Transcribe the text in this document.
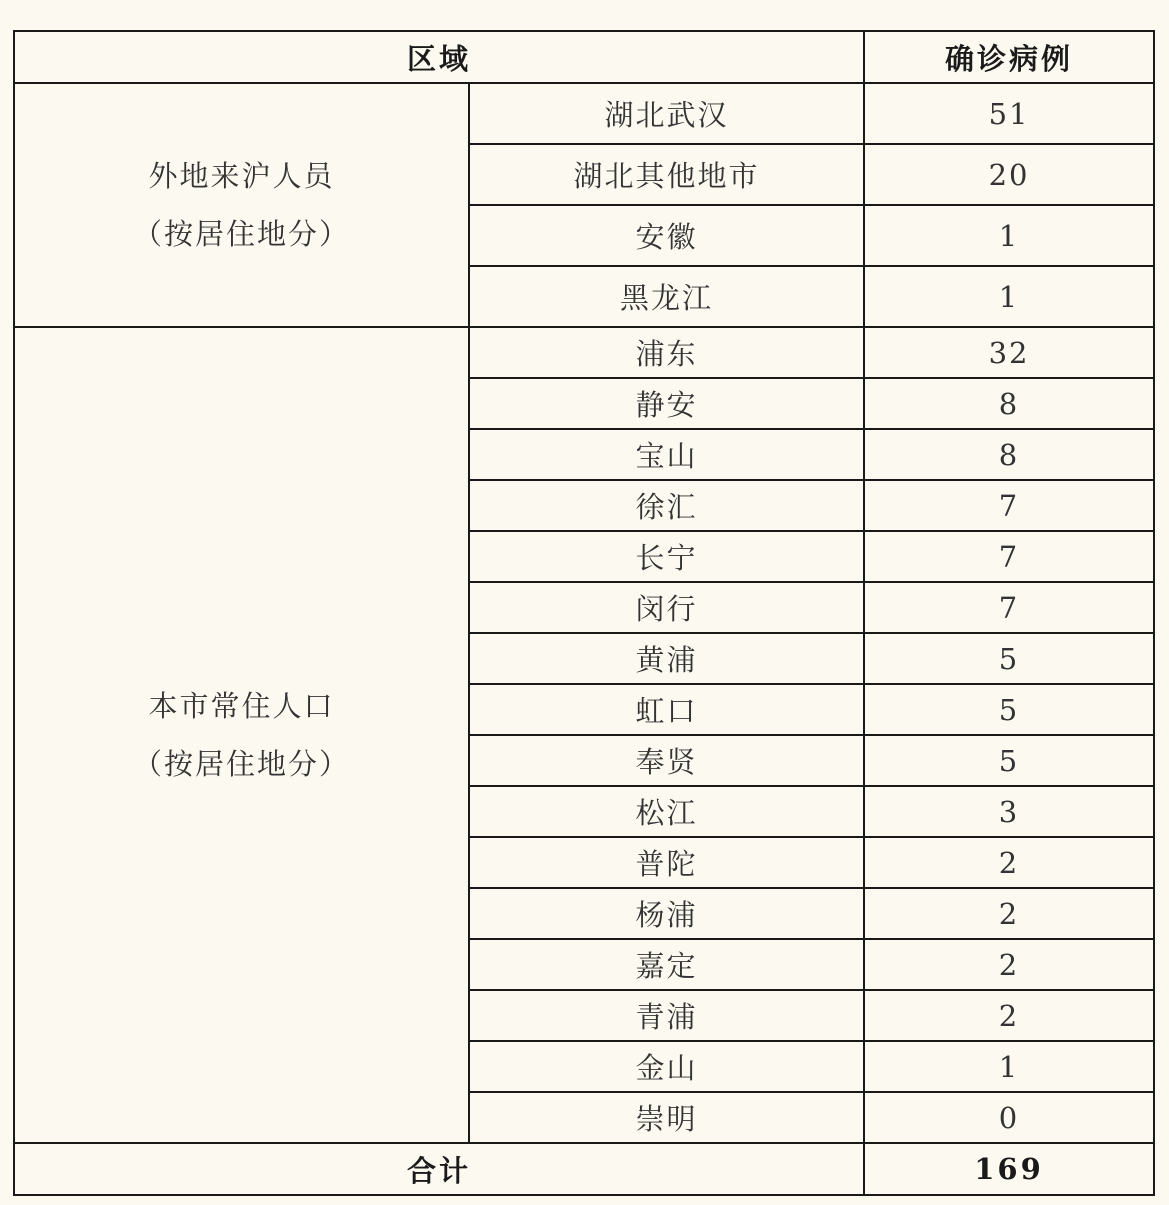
区域		确诊病例

外地来沪人员
（按居住地分）	湖北武汉	51
	湖北其他地市	20
	安徽	1
	黑龙江	1

本市常住人口
（按居住地分）	浦东	32
	静安	8
	宝山	8
	徐汇	7
	长宁	7
	闵行	7
	黄浦	5
	虹口	5
	奉贤	5
	松江	3
	普陀	2
	杨浦	2
	嘉定	2
	青浦	2
	金山	1
	崇明	0
合计		169
